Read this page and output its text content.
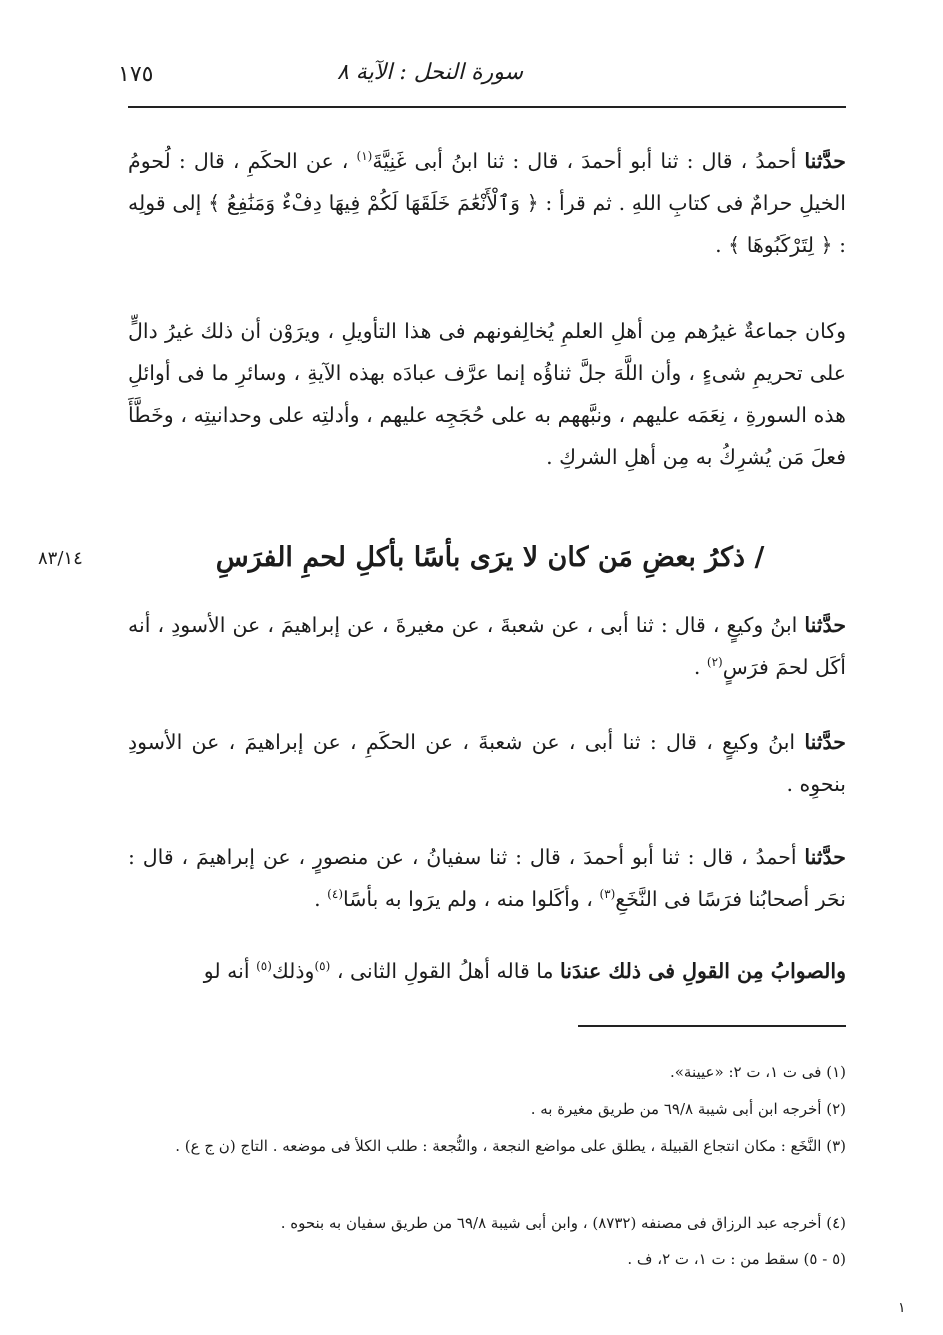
سورة النحل : الآية ٨
١٧٥
حدَّثنا أحمدُ ، قال : ثنا أبو أحمدَ ، قال : ثنا ابنُ أبى غَنِيَّةَ$^{(١)}$ ، عن الحكَمِ ، قال : لُحومُ الخيلِ حرامٌ فى كتابِ اللهِ . ثم قرأ : ﴿ وَٱلْأَنْعَٰمَ خَلَقَهَا لَكُمْ فِيهَا دِفْءٌ وَمَنَٰفِعُ ﴾ إلى قولِه : ﴿ لِتَرْكَبُوهَا ﴾ .
وكان جماعةٌ غيرُهم مِن أهلِ العلمِ يُخالِفونهم فى هذا التأويلِ ، ويرَوْن أن ذلك غيرُ دالٍّ على تحريمِ شىءٍ ، وأن اللَّهَ جلَّ ثناؤُه إنما عرَّف عبادَه بهذه الآيةِ ، وسائرِ ما فى أوائلِ هذه السورةِ ، نِعَمَه عليهم ، ونبَّههم به على حُجَجِه عليهم ، وأدلتِه على وحدانيتِه ، وخَطَّأَ فعلَ مَن يُشرِكُ به مِن أهلِ الشركِ .
٨٣/١٤	/ ذكرُ بعضِ مَن كان لا يرَى بأسًا بأكلِ لحمِ الفرَسِ
حدَّثنا ابنُ وكيعٍ ، قال : ثنا أبى ، عن شعبةَ ، عن مغيرةَ ، عن إبراهيمَ ، عن الأسودِ ، أنه أكَل لحمَ فرَسٍ$^{(٢)}$ .
حدَّثنا ابنُ وكيعٍ ، قال : ثنا أبى ، عن شعبةَ ، عن الحكَمِ ، عن إبراهيمَ ، عن الأسودِ بنحوِه .
حدَّثنا أحمدُ ، قال : ثنا أبو أحمدَ ، قال : ثنا سفيانُ ، عن منصورٍ ، عن إبراهيمَ ، قال : نحَر أصحابُنا فرَسًا فى النَّخَعِ$^{(٣)}$ ، وأكَلوا منه ، ولم يرَوا به بأسًا$^{(٤)}$ .
والصوابُ مِن القولِ فى ذلك عندَنا ما قاله أهلُ القولِ الثانى ، $^{(٥)}$وذلك$^{(٥)}$ أنه لو
(١) فى ت ١، ت ٢: «عيينة».
(٢) أخرجه ابن أبى شيبة ٦٩/٨ من طريق مغيرة به .
(٣) النَّخَع : مكان انتجاع القبيلة ، يطلق على مواضع النجعة ، والنُّجعة : طلب الكلأ فى موضعه . التاج (ن ج ع) .
(٤) أخرجه عبد الرزاق فى مصنفه (٨٧٣٢) ، وابن أبى شيبة ٦٩/٨ من طريق سفيان به بنحوه .
(٥ - ٥) سقط من : ت ١، ت ٢، ف .
١
